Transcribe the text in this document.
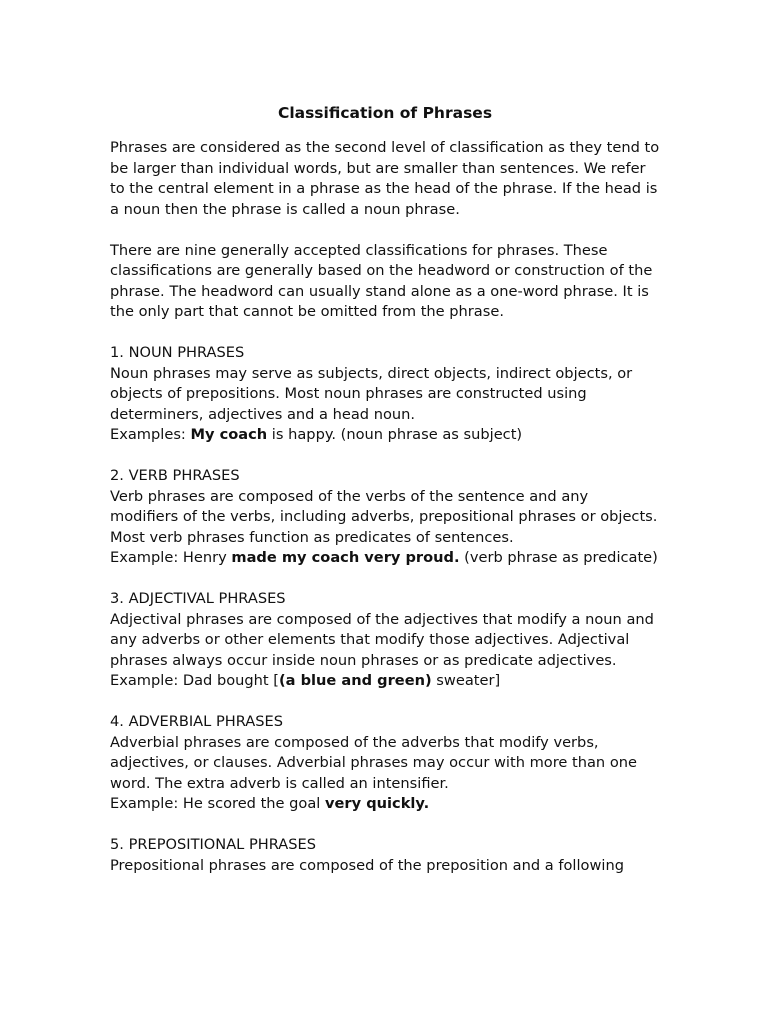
Classification of Phrases

Phrases are considered as the second level of classification as they tend to be larger than individual words, but are smaller than sentences. We refer to the central element in a phrase as the head of the phrase. If the head is a noun then the phrase is called a noun phrase.

There are nine generally accepted classifications for phrases. These classifications are generally based on the headword or construction of the phrase. The headword can usually stand alone as a one-word phrase. It is the only part that cannot be omitted from the phrase.

1. NOUN PHRASES

Noun phrases may serve as subjects, direct objects, indirect objects, or objects of prepositions. Most noun phrases are constructed using determiners, adjectives and a head noun.

Examples: My coach is happy. (noun phrase as subject)

2. VERB PHRASES

Verb phrases are composed of the verbs of the sentence and any modifiers of the verbs, including adverbs, prepositional phrases or objects. Most verb phrases function as predicates of sentences.

Example: Henry made my coach very proud. (verb phrase as predicate)

3. ADJECTIVAL PHRASES

Adjectival phrases are composed of the adjectives that modify a noun and any adverbs or other elements that modify those adjectives. Adjectival phrases always occur inside noun phrases or as predicate adjectives.

Example: Dad bought [(a blue and green) sweater]

4. ADVERBIAL PHRASES

Adverbial phrases are composed of the adverbs that modify verbs, adjectives, or clauses. Adverbial phrases may occur with more than one word. The extra adverb is called an intensifier.

Example: He scored the goal very quickly.

5. PREPOSITIONAL PHRASES

Prepositional phrases are composed of the preposition and a following
